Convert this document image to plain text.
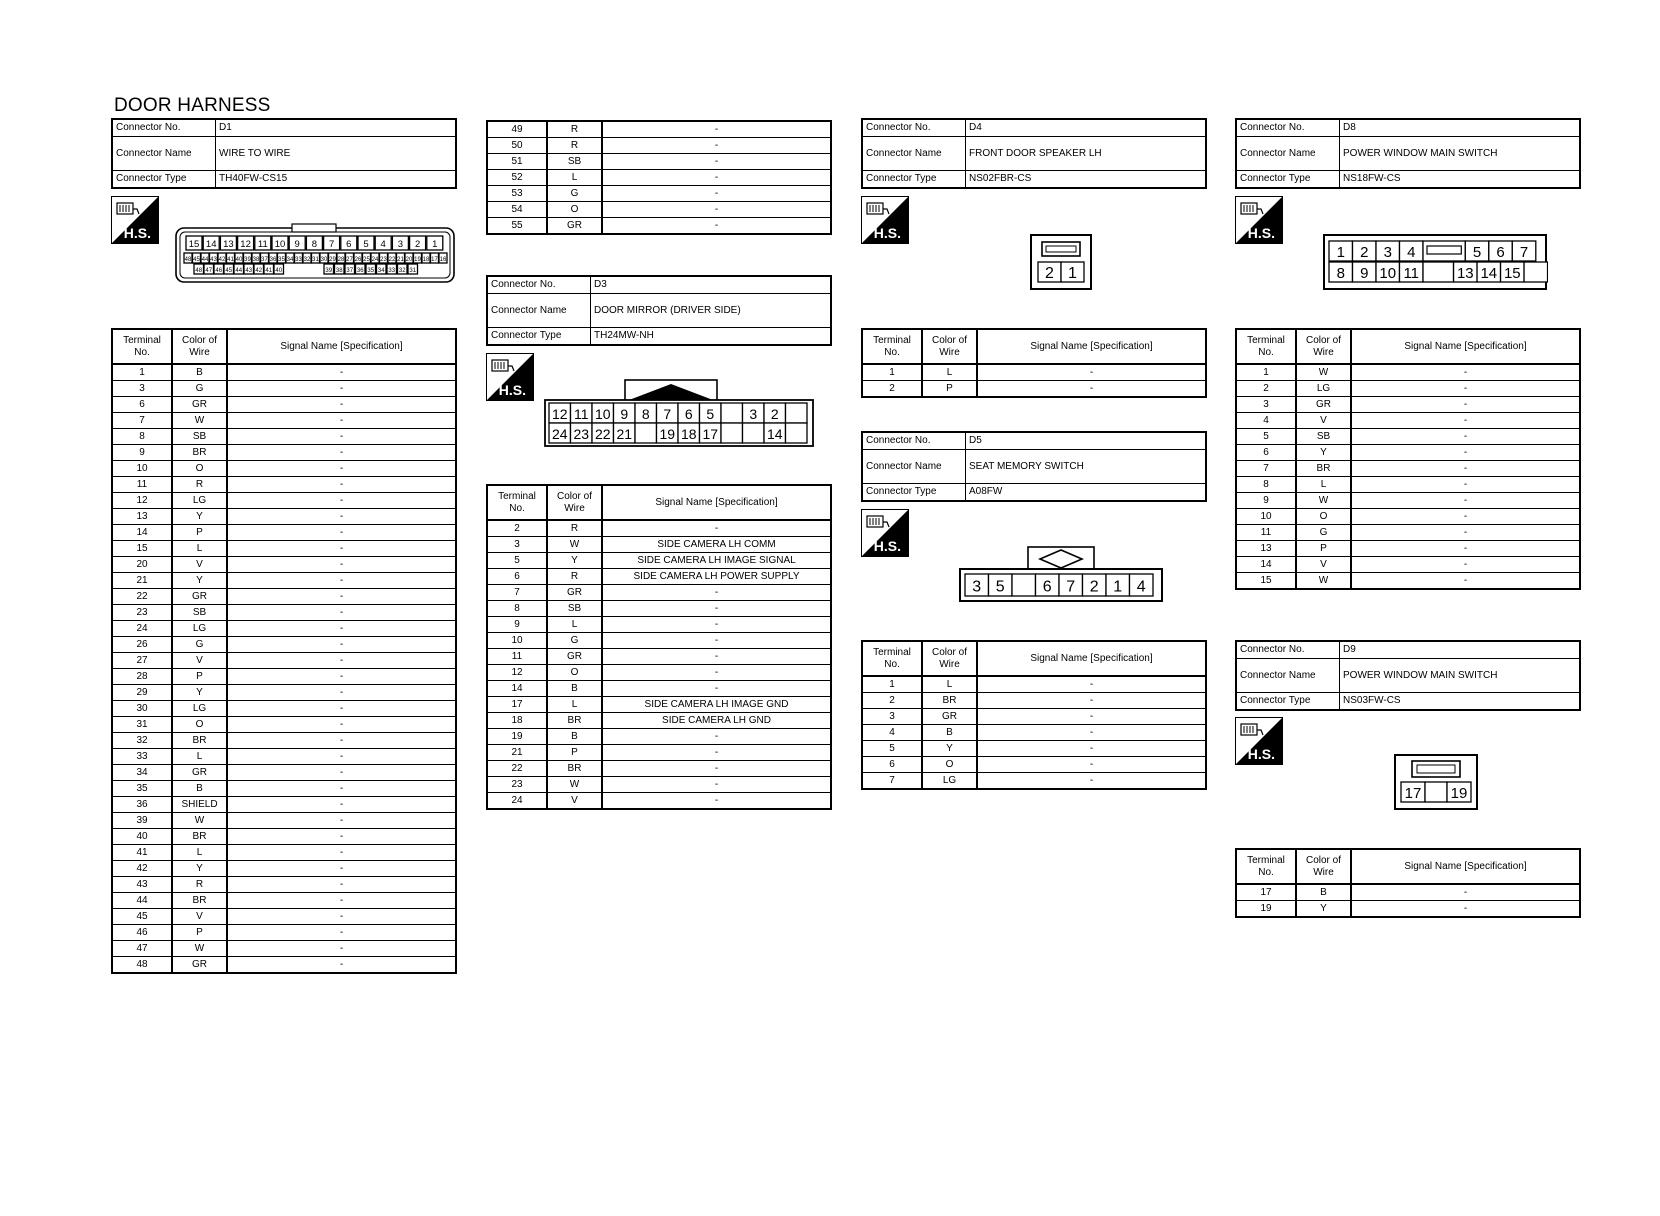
DOOR HARNESS
Connector No.	D1
Connector Name	WIRE TO WIRE
Connector Type	TH40FW-CS15
H.S.
15 14 13 12 11 10 9 8 7 6 5 4 3 2 1
48 45 44 43 42 41 40 39 38 37 36 35 34 33 32 31 30 29 28 27 26 25 24 23 22 21 20 19 18 17 16
48 47 46 45 44 43 42 41 40	39 38 37 36 35 34 33 32 31
Terminal No.	Color of Wire	Signal Name [Specification]
1	B	-
3	G	-
6	GR	-
7	W	-
8	SB	-
9	BR	-
10	O	-
11	R	-
12	LG	-
13	Y	-
14	P	-
15	L	-
20	V	-
21	Y	-
22	GR	-
23	SB	-
24	LG	-
26	G	-
27	V	-
28	P	-
29	Y	-
30	LG	-
31	O	-
32	BR	-
33	L	-
34	GR	-
35	B	-
36	SHIELD	-
39	W	-
40	BR	-
41	L	-
42	Y	-
43	R	-
44	BR	-
45	V	-
46	P	-
47	W	-
48	GR	-
49	R	-
50	R	-
51	SB	-
52	L	-
53	G	-
54	O	-
55	GR	-
Connector No.	D3
Connector Name	DOOR MIRROR (DRIVER SIDE)
Connector Type	TH24MW-NH
H.S.
12 11 10 9 8 7 6 5	3 2
24 23 22 21 19 18 17	14
Terminal No.	Color of Wire	Signal Name [Specification]
2	R	-
3	W	SIDE CAMERA LH COMM
5	Y	SIDE CAMERA LH IMAGE SIGNAL
6	R	SIDE CAMERA LH POWER SUPPLY
7	GR	-
8	SB	-
9	L	-
10	G	-
11	GR	-
12	O	-
14	B	-
17	L	SIDE CAMERA LH IMAGE GND
18	BR	SIDE CAMERA LH GND
19	B	-
21	P	-
22	BR	-
23	W	-
24	V	-
Connector No.	D4
Connector Name	FRONT DOOR SPEAKER LH
Connector Type	NS02FBR-CS
H.S.
2 1
Terminal No.	Color of Wire	Signal Name [Specification]
1	L	-
2	P	-
Connector No.	D5
Connector Name	SEAT MEMORY SWITCH
Connector Type	A08FW
H.S.
3 5 6 7 2 1 4
Terminal No.	Color of Wire	Signal Name [Specification]
1	L	-
2	BR	-
3	GR	-
4	B	-
5	Y	-
6	O	-
7	LG	-
Connector No.	D8
Connector Name	POWER WINDOW MAIN SWITCH
Connector Type	NS18FW-CS
H.S.
1 2 3 4	5 6 7
8 9 10 11	13 14 15
Terminal No.	Color of Wire	Signal Name [Specification]
1	W	-
2	LG	-
3	GR	-
4	V	-
5	SB	-
6	Y	-
7	BR	-
8	L	-
9	W	-
10	O	-
11	G	-
13	P	-
14	V	-
15	W	-
Connector No.	D9
Connector Name	POWER WINDOW MAIN SWITCH
Connector Type	NS03FW-CS
H.S.
17 19
Terminal No.	Color of Wire	Signal Name [Specification]
17	B	-
19	Y	-
